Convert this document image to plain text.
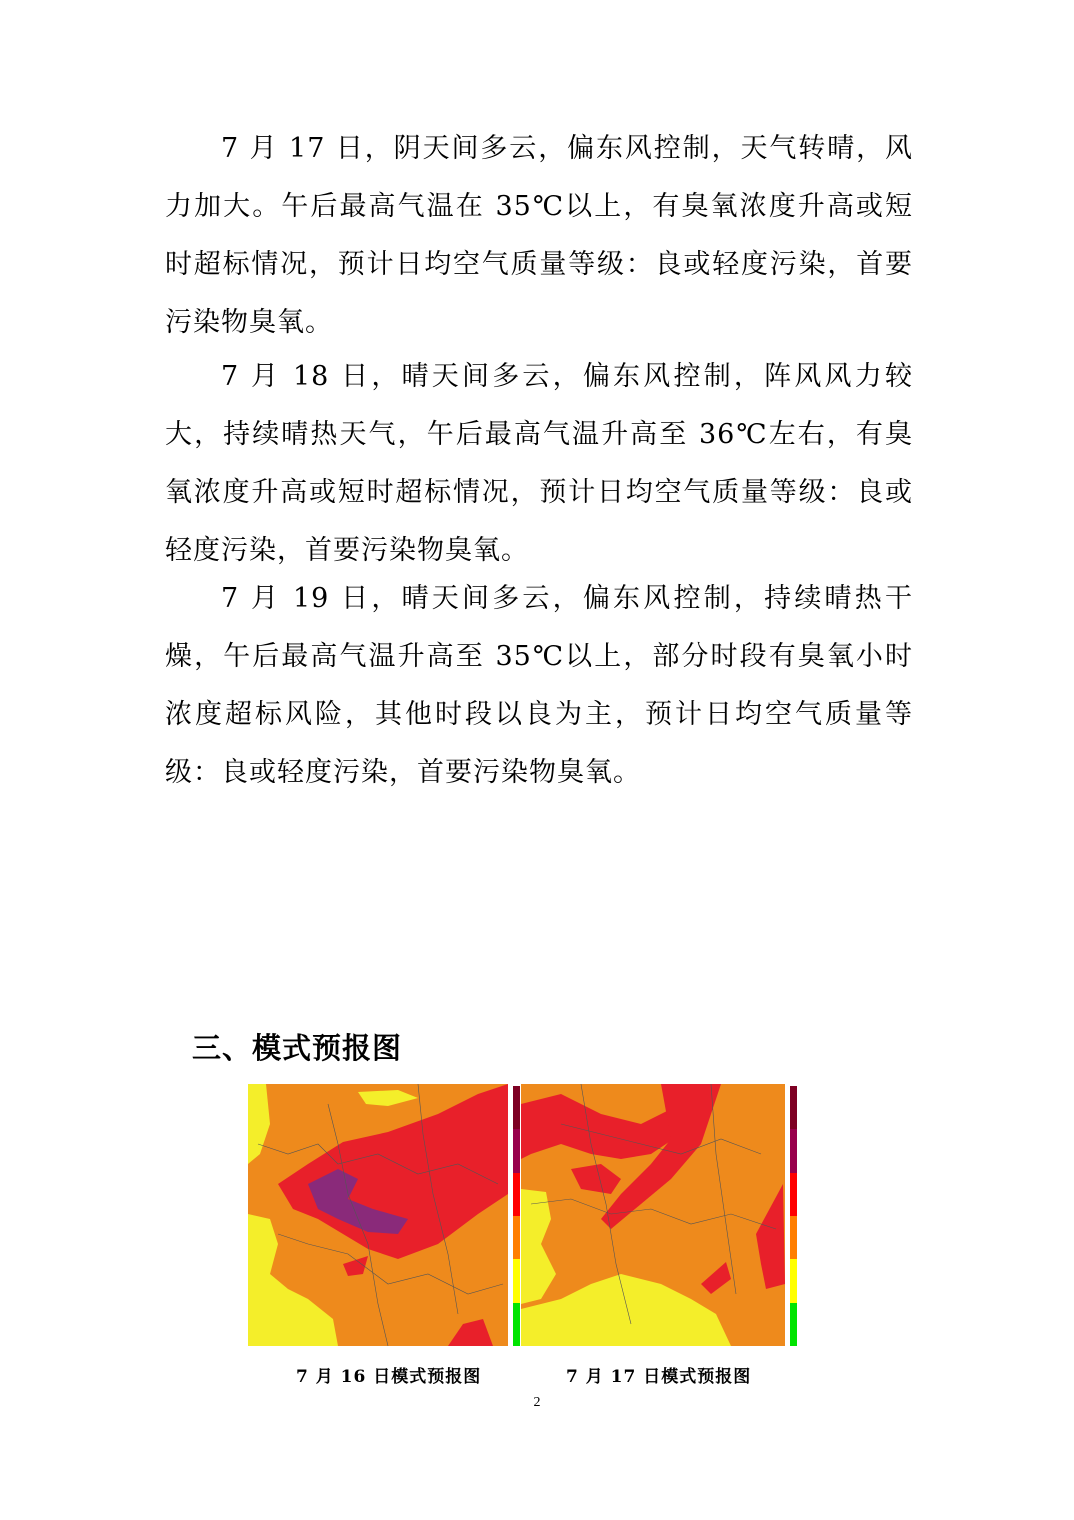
7 月 17 日，阴天间多云，偏东风控制，天气转晴，风力加大。午后最高气温在 35℃以上，有臭氧浓度升高或短时超标情况，预计日均空气质量等级：良或轻度污染，首要污染物臭氧。

7 月 18 日，晴天间多云，偏东风控制，阵风风力较大，持续晴热天气，午后最高气温升高至 36℃左右，有臭氧浓度升高或短时超标情况，预计日均空气质量等级：良或轻度污染，首要污染物臭氧。

7 月 19 日，晴天间多云，偏东风控制，持续晴热干燥，午后最高气温升高至 35℃以上，部分时段有臭氧小时浓度超标风险，其他时段以良为主，预计日均空气质量等级：良或轻度污染，首要污染物臭氧。

三、模式预报图
7 月 16 日模式预报图	7 月 17 日模式预报图
2
